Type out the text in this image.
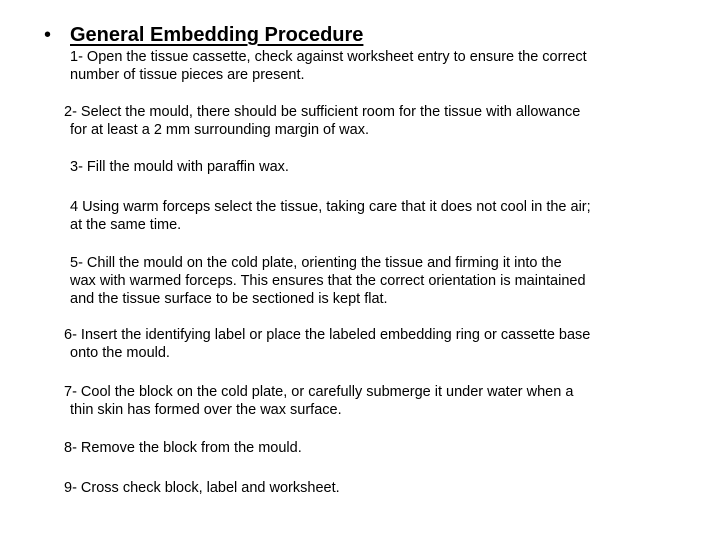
• General Embedding Procedure
1- Open the tissue cassette, check against worksheet entry to ensure the correct
number of tissue pieces are present.
2- Select the mould, there should be sufficient room for the tissue with allowance
for at least a 2 mm surrounding margin of wax.
3- Fill the mould with paraffin wax.
4 Using warm forceps select the tissue, taking care that it does not cool in the air;
at the same time.
5- Chill the mould on the cold plate, orienting the tissue and firming it into the
wax with warmed forceps. This ensures that the correct orientation is maintained
and the tissue surface to be sectioned is kept flat.
6- Insert the identifying label or place the labeled embedding ring or cassette base
onto the mould.
7- Cool the block on the cold plate, or carefully submerge it under water when a
thin skin has formed over the wax surface.
8- Remove the block from the mould.
9- Cross check block, label and worksheet.
